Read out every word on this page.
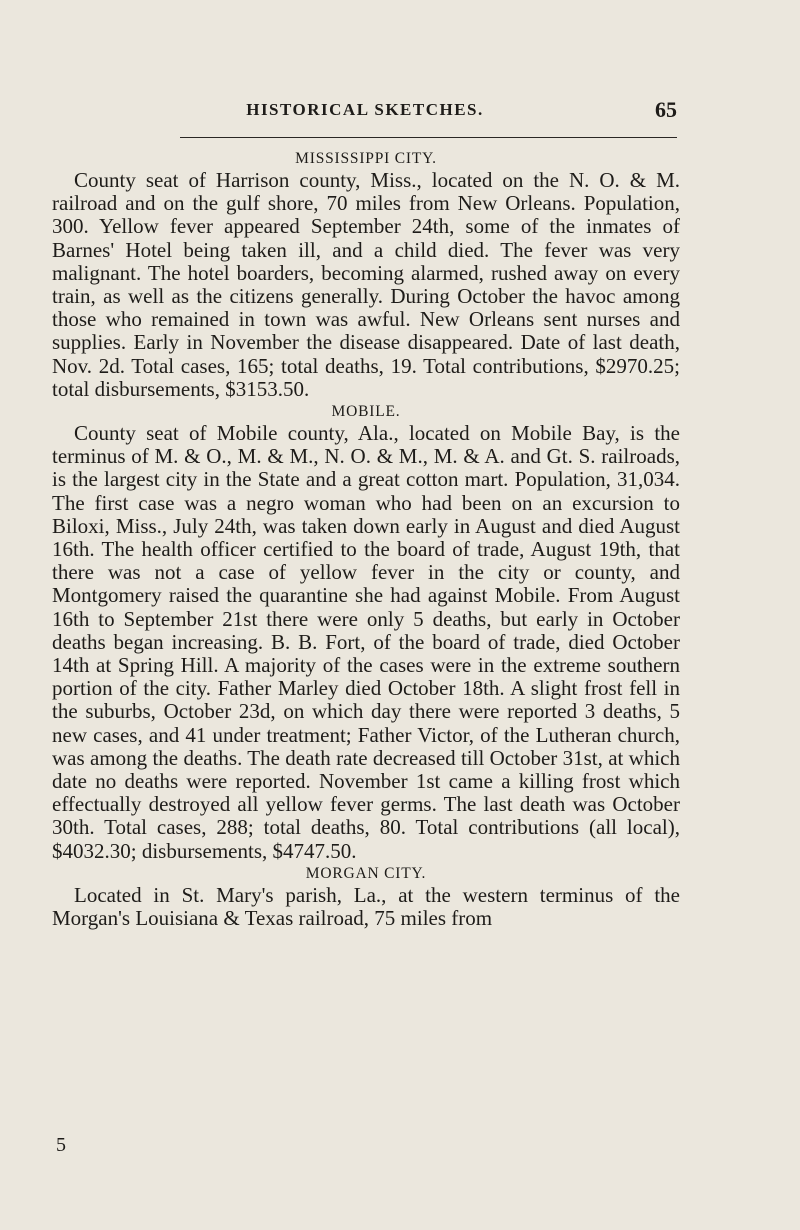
HISTORICAL SKETCHES.	65
MISSISSIPPI CITY.

County seat of Harrison county, Miss., located on the N. O. & M. railroad and on the gulf shore, 70 miles from New Orleans. Population, 300. Yellow fever appeared September 24th, some of the inmates of Barnes' Hotel being taken ill, and a child died. The fever was very malignant. The hotel boarders, becoming alarmed, rushed away on every train, as well as the citizens generally. During October the havoc among those who remained in town was awful. New Orleans sent nurses and supplies. Early in November the disease disappeared. Date of last death, Nov. 2d. Total cases, 165; total deaths, 19. Total contributions, $2970.25; total disbursements, $3153.50.

MOBILE.

County seat of Mobile county, Ala., located on Mobile Bay, is the terminus of M. & O., M. & M., N. O. & M., M. & A. and Gt. S. railroads, is the largest city in the State and a great cotton mart. Population, 31,034. The first case was a negro woman who had been on an excursion to Biloxi, Miss., July 24th, was taken down early in August and died August 16th. The health officer certified to the board of trade, August 19th, that there was not a case of yellow fever in the city or county, and Montgomery raised the quarantine she had against Mobile. From August 16th to September 21st there were only 5 deaths, but early in October deaths began increasing. B. B. Fort, of the board of trade, died October 14th at Spring Hill. A majority of the cases were in the extreme southern portion of the city. Father Marley died October 18th. A slight frost fell in the suburbs, October 23d, on which day there were reported 3 deaths, 5 new cases, and 41 under treatment; Father Victor, of the Lutheran church, was among the deaths. The death rate decreased till October 31st, at which date no deaths were reported. November 1st came a killing frost which effectually destroyed all yellow fever germs. The last death was October 30th. Total cases, 288; total deaths, 80. Total contributions (all local), $4032.30; disbursements, $4747.50.

MORGAN CITY.

Located in St. Mary's parish, La., at the western terminus of the Morgan's Louisiana & Texas railroad, 75 miles from

5
